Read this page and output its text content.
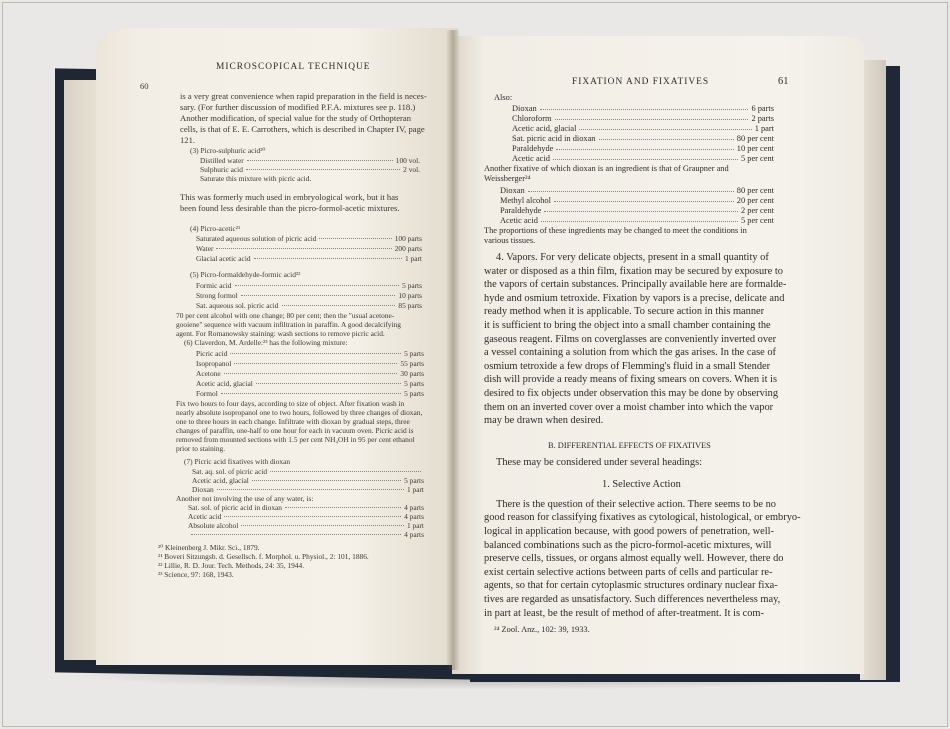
60
MICROSCOPICAL TECHNIQUE
is a very great convenience when rapid preparation in the field is neces-
sary. (For further discussion of modified P.F.A. mixtures see p. 118.)
Another modification, of special value for the study of Orthopteran
cells, is that of E. E. Carrothers, which is described in Chapter IV, page
121.
(3) Picro-sulphuric acid²⁰
Distilled water	100 vol.
Sulphuric acid	2 vol.
Saturate this mixture with picric acid.
This was formerly much used in embryological work, but it has
been found less desirable than the picro-formol-acetic mixtures.
(4) Picro-acetic²¹
Saturated aqueous solution of picric acid	100 parts
Water	200 parts
Glacial acetic acid	1 part
(5) Picro-formaldehyde-formic acid²²
Formic acid	5 parts
Strong formol	10 parts
Sat. aqueous sol. picric acid	85 parts
70 per cent alcohol with one change; 80 per cent; then the "usual acetone-
gooiene" sequence with vacuum infiltration in paraffin. A good decalcifying
agent. For Romanowsky staining: wash sections to remove picric acid.
(6) Claverdon, M. Ardelle:²³ has the following mixture:
Picric acid	5 parts
Isopropanol	55 parts
Acetone	30 parts
Acetic acid, glacial	5 parts
Formol	5 parts
Fix two hours to four days, according to size of object. After fixation wash in
nearly absolute isopropanol one to two hours, followed by three changes of dioxan,
one to three hours in each change. Infiltrate with dioxan by gradual steps, three
changes of paraffin, one-half to one hour for each in vacuum oven. Picric acid is
removed from mounted sections with 1.5 per cent NH₄OH in 95 per cent ethanol
prior to staining.
(7) Picric acid fixatives with dioxan
Sat. aq. sol. of picric acid
Acetic acid, glacial	5 parts
Dioxan	1 part
Another not involving the use of any water, is:
Sat. sol. of picric acid in dioxan	4 parts
Acetic acid	4 parts
Absolute alcohol	1 part
4 parts
²⁰ Kleinenberg J. Mikr. Sci., 1879.
²¹ Boveri Sitzungsb. d. Gesellsch. f. Morphol. u. Physiol., 2: 101, 1886.
²² Lillie, R. D. Jour. Tech. Methods, 24: 35, 1944.
²³ Science, 97: 168, 1943.
FIXATION AND FIXATIVES	61
Also:
Dioxan	6 parts
Chloroform	2 parts
Acetic acid, glacial	1 part
Sat. picric acid in dioxan	80 per cent
Paraldehyde	10 per cent
Acetic acid	5 per cent
Another fixative of which dioxan is an ingredient is that of Graupner and
Weissberger²⁴
Dioxan	80 per cent
Methyl alcohol	20 per cent
Paraldehyde	2 per cent
Acetic acid	5 per cent
The proportions of these ingredients may be changed to meet the conditions in
various tissues.
4. Vapors. For very delicate objects, present in a small quantity of
water or disposed as a thin film, fixation may be secured by exposure to
the vapors of certain substances. Principally available here are formalde-
hyde and osmium tetroxide. Fixation by vapors is a precise, delicate and
ready method when it is applicable. To secure action in this manner
it is sufficient to bring the object into a small chamber containing the
gaseous reagent. Films on coverglasses are conveniently inverted over
a vessel containing a solution from which the gas arises. In the case of
osmium tetroxide a few drops of Flemming's fluid in a small Stender
dish will provide a ready means of fixing smears on covers. When it is
desired to fix objects under observation this may be done by observing
them on an inverted cover over a moist chamber into which the vapor
may be drawn when desired.
B. DIFFERENTIAL EFFECTS OF FIXATIVES
These may be considered under several headings:
1. Selective Action
There is the question of their selective action. There seems to be no
good reason for classifying fixatives as cytological, histological, or embryo-
logical in application because, with good powers of penetration, well-
balanced combinations such as the picro-formol-acetic mixtures, will
preserve cells, tissues, or organs almost equally well. However, there do
exist certain selective actions between parts of cells and particular re-
agents, so that for certain cytoplasmic structures ordinary nuclear fixa-
tives are regarded as unsatisfactory. Such differences nevertheless may,
in part at least, be the result of method of after-treatment. It is com-
²⁴ Zool. Anz., 102: 39, 1933.
